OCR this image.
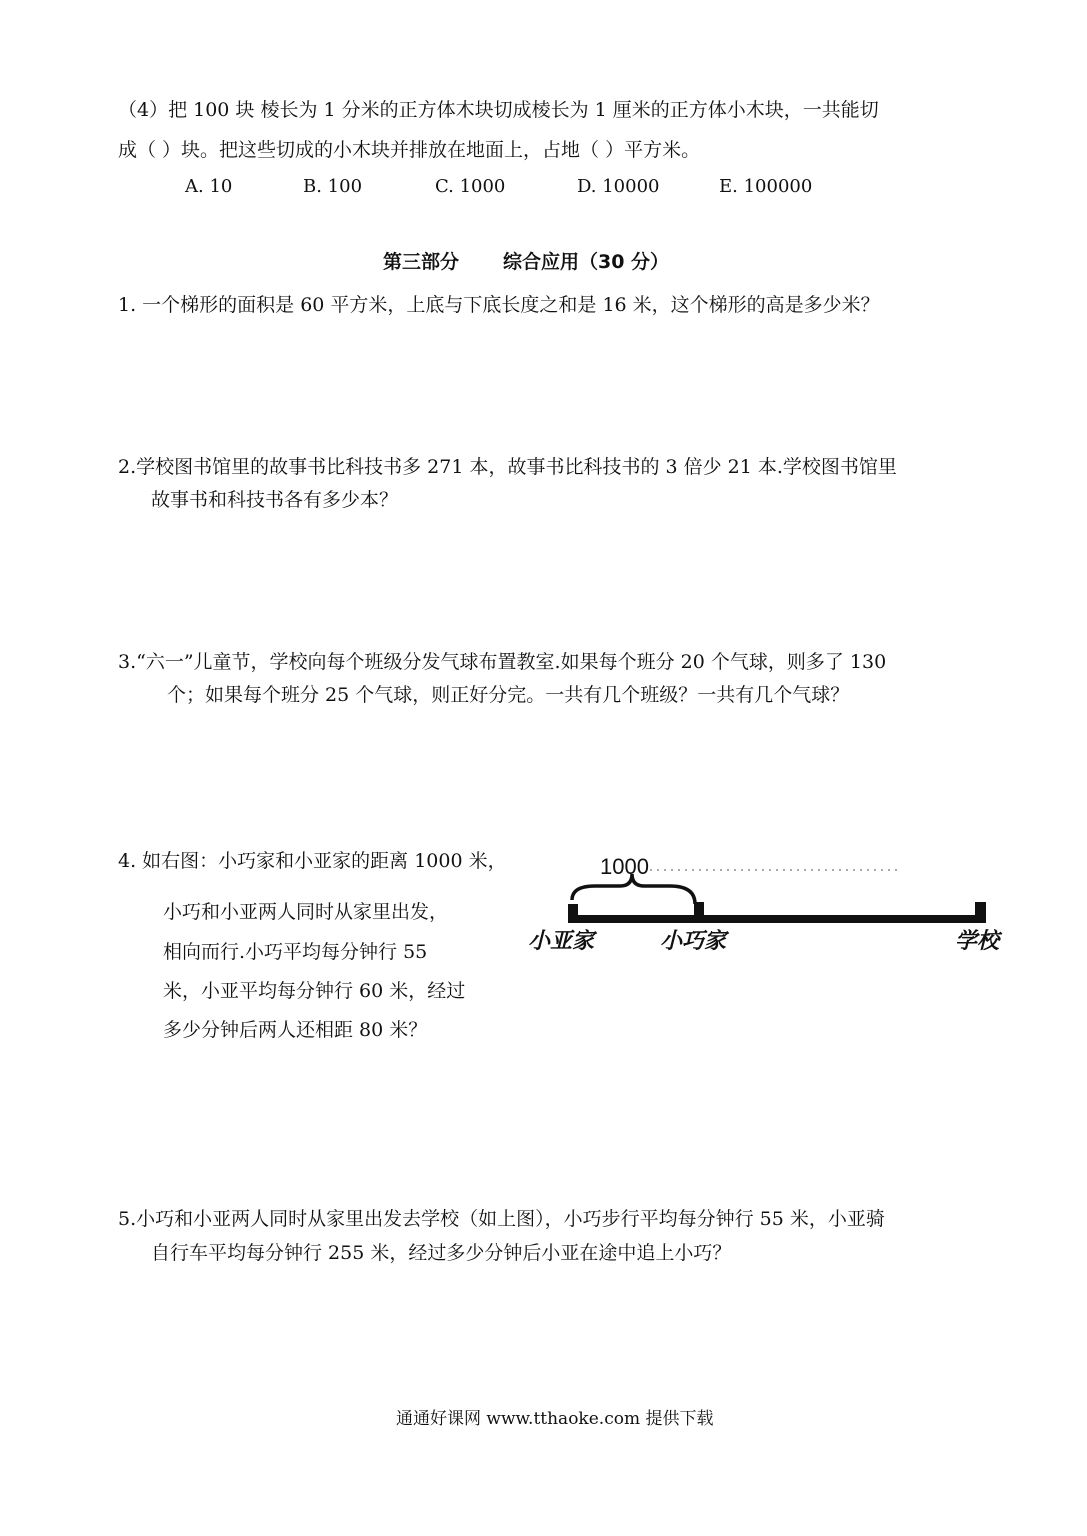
（4）把 100 块 棱长为 1 分米的正方体木块切成棱长为 1 厘米的正方体小木块，一共能切
成（ ）块。把这些切成的小木块并排放在地面上，占地（ ）平方米。
A. 10	B. 100	C. 1000	D. 10000	E. 100000
第三部分 综合应用（30 分）
1. 一个梯形的面积是 60 平方米，上底与下底长度之和是 16 米，这个梯形的高是多少米？
2.学校图书馆里的故事书比科技书多 271 本，故事书比科技书的 3 倍少 21 本.学校图书馆里
故事书和科技书各有多少本？
3.“六一”儿童节，学校向每个班级分发气球布置教室.如果每个班分 20 个气球，则多了 130
个；如果每个班分 25 个气球，则正好分完。一共有几个班级？一共有几个气球？
4. 如右图：小巧家和小亚家的距离 1000 米，
小巧和小亚两人同时从家里出发，
相向而行.小巧平均每分钟行 55
米，小亚平均每分钟行 60 米，经过
多少分钟后两人还相距 80 米？
1000
小亚家	小巧家	学校
5.小巧和小亚两人同时从家里出发去学校（如上图），小巧步行平均每分钟行 55 米，小亚骑
自行车平均每分钟行 255 米，经过多少分钟后小亚在途中追上小巧？
通通好课网 www.tthaoke.com 提供下载
